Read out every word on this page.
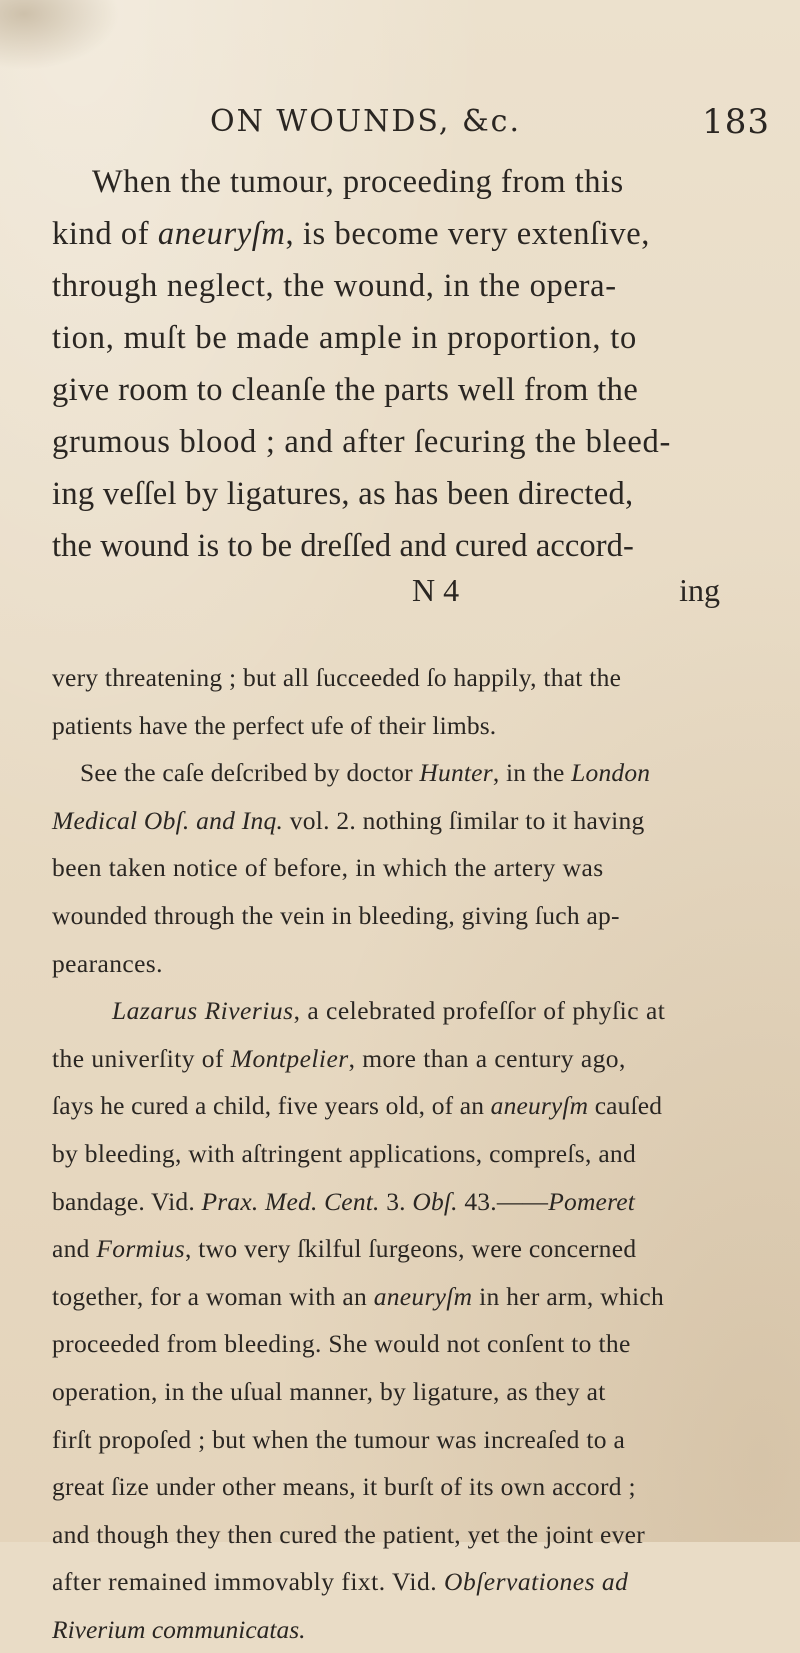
ON WOUNDS, &c.	183
When the tumour, proceeding from this
kind of aneuryſm, is become very extenſive,
through neglect, the wound, in the opera-
tion, muſt be made ample in proportion, to
give room to cleanſe the parts well from the
grumous blood ; and after ſecuring the bleed-
ing veſſel by ligatures, as has been directed,
the wound is to be dreſſed and cured accord-
N 4	ing
very threatening ; but all ſucceeded ſo happily, that the
patients have the perfect ufe of their limbs.
See the caſe deſcribed by doctor Hunter, in the London
Medical Obſ. and Inq. vol. 2. nothing ſimilar to it having
been taken notice of before, in which the artery was
wounded through the vein in bleeding, giving ſuch ap-
pearances.
Lazarus Riverius, a celebrated profeſſor of phyſic at
the univerſity of Montpelier, more than a century ago,
ſays he cured a child, five years old, of an aneuryſm cauſed
by bleeding, with aſtringent applications, compreſs, and
bandage. Vid. Prax. Med. Cent. 3. Obſ. 43.——Pomeret
and Formius, two very ſkilful ſurgeons, were concerned
together, for a woman with an aneuryſm in her arm, which
proceeded from bleeding. She would not conſent to the
operation, in the uſual manner, by ligature, as they at
firſt propoſed ; but when the tumour was increaſed to a
great ſize under other means, it burſt of its own accord ;
and though they then cured the patient, yet the joint ever
after remained immovably fixt. Vid. Obſervationes ad
Riverium communicatas.
